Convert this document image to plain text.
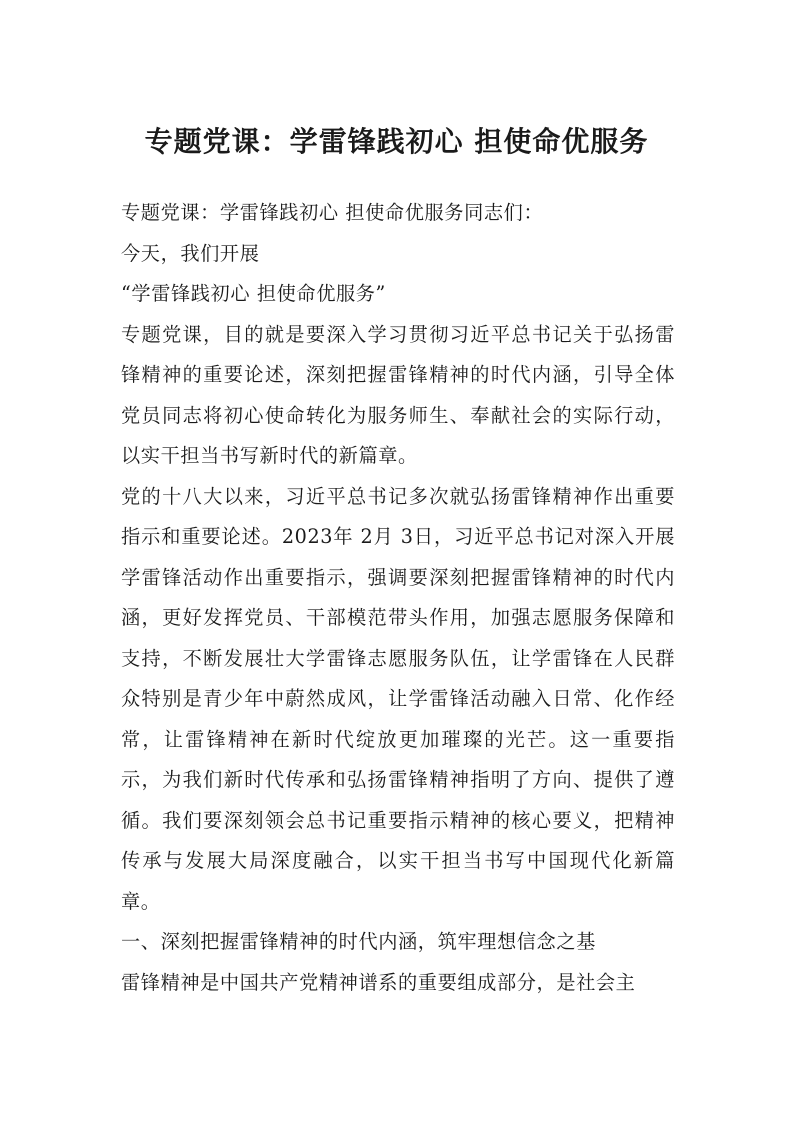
专题党课：学雷锋践初心 担使命优服务

专题党课：学雷锋践初心 担使命优服务同志们：

今天，我们开展

“学雷锋践初心 担使命优服务”

专题党课，目的就是要深入学习贯彻习近平总书记关于弘扬雷锋精神的重要论述，深刻把握雷锋精神的时代内涵，引导全体党员同志将初心使命转化为服务师生、奉献社会的实际行动，以实干担当书写新时代的新篇章。

党的十八大以来，习近平总书记多次就弘扬雷锋精神作出重要指示和重要论述。2023年 2月 3日，习近平总书记对深入开展学雷锋活动作出重要指示，强调要深刻把握雷锋精神的时代内涵，更好发挥党员、干部模范带头作用，加强志愿服务保障和支持，不断发展壮大学雷锋志愿服务队伍，让学雷锋在人民群众特别是青少年中蔚然成风，让学雷锋活动融入日常、化作经常，让雷锋精神在新时代绽放更加璀璨的光芒。这一重要指示，为我们新时代传承和弘扬雷锋精神指明了方向、提供了遵循。我们要深刻领会总书记重要指示精神的核心要义，把精神传承与发展大局深度融合，以实干担当书写中国现代化新篇章。

一、深刻把握雷锋精神的时代内涵，筑牢理想信念之基

雷锋精神是中国共产党精神谱系的重要组成部分，是社会主
